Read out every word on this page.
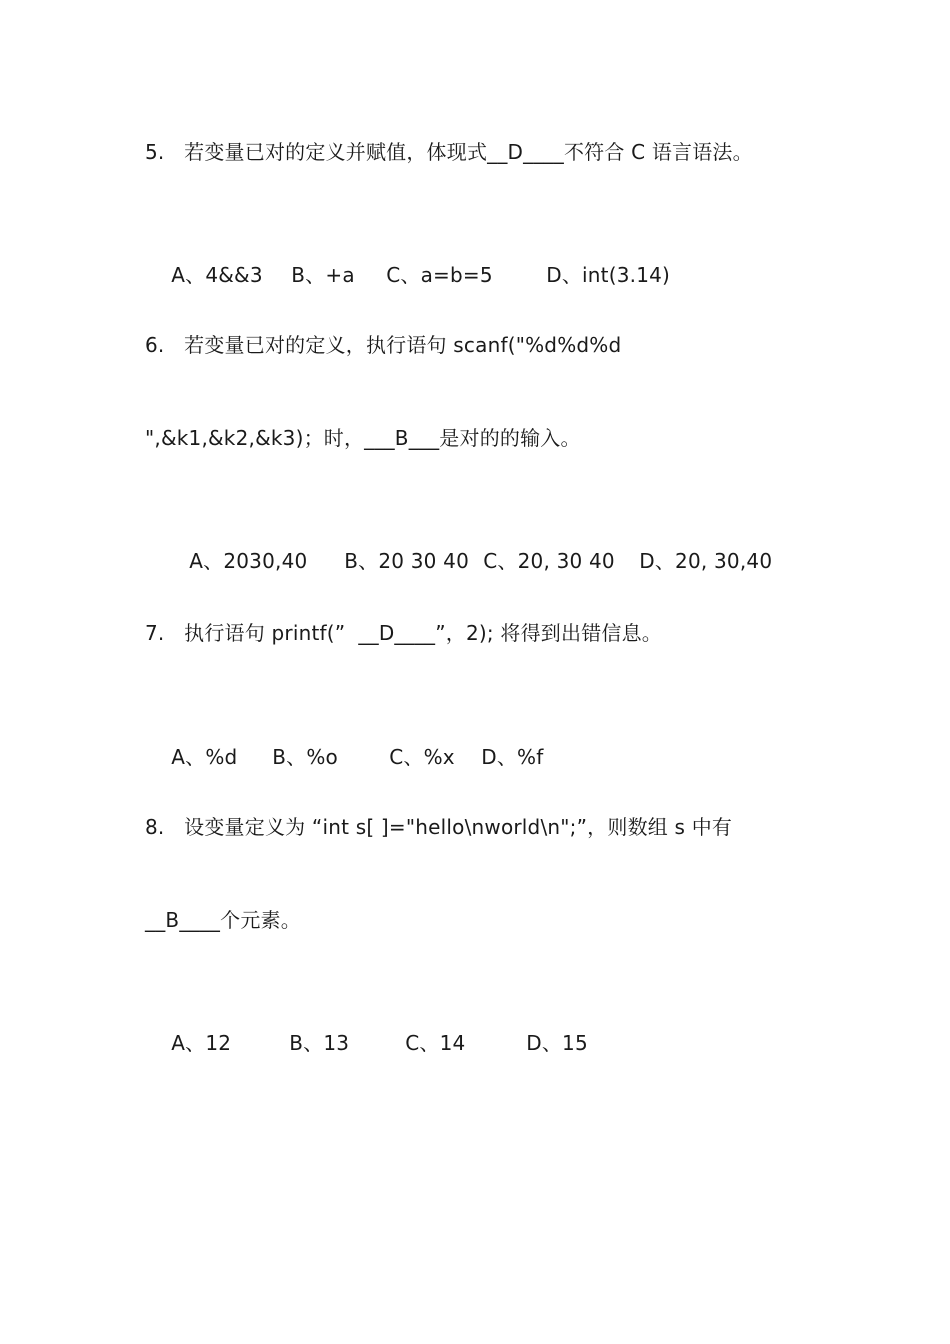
5.   若变量已对的定义并赋值，体现式__D____不符合 C 语言语法。

A、4&&3 B、+a C、a=b=5	D、int(3.14)

6.   若变量已对的定义，执行语句 scanf("%d%d%d
",&k1,&k2,&k3)；时，___B___是对的的输入。

A、2030,40 B、20 30 40 C、20, 30 40 D、20, 30,40

7.   执行语句 printf(”  __D____”，2); 将得到出错信息。

A、%d B、%o	C、%x D、%f

8.   设变量定义为 “int s[ ]="hello\nworld\n";”，则数组 s 中有
__B____个元素。

A、12	B、13	C、14	D、15
